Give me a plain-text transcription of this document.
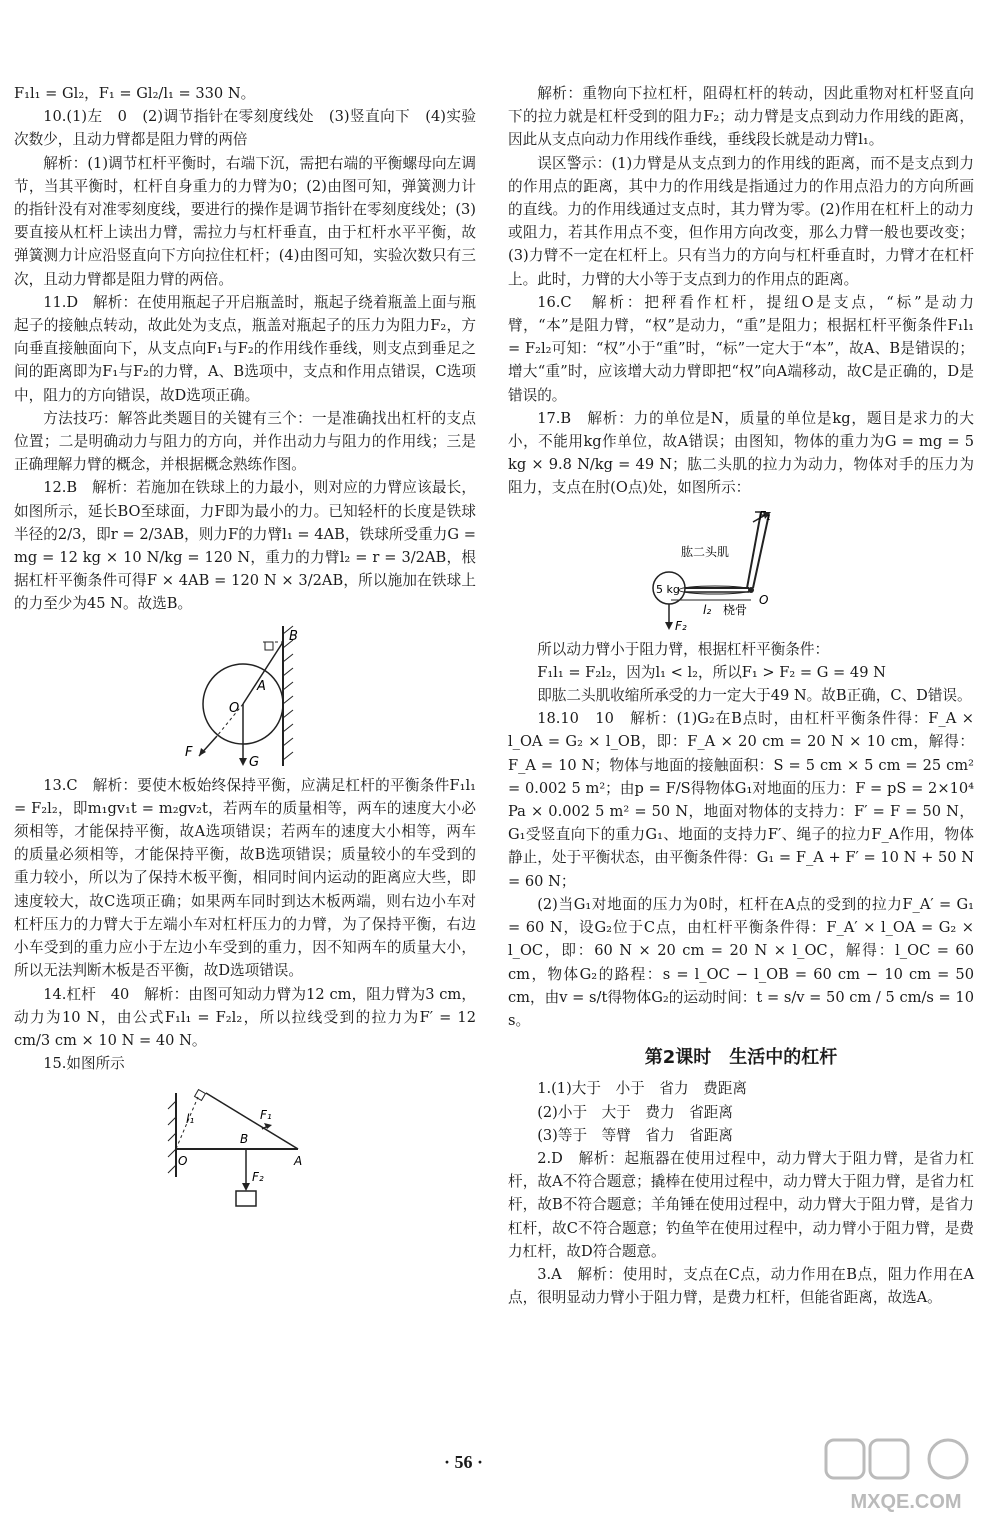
F₁l₁ = Gl₂，F₁ = Gl₂/l₁ = 330 N。

10.(1)左　0　(2)调节指针在零刻度线处　(3)竖直向下　(4)实验次数少，且动力臂都是阻力臂的两倍

解析：(1)调节杠杆平衡时，右端下沉，需把右端的平衡螺母向左调节，当其平衡时，杠杆自身重力的力臂为0；(2)由图可知，弹簧测力计的指针没有对准零刻度线，要进行的操作是调节指针在零刻度线处；(3)要直接从杠杆上读出力臂，需拉力与杠杆垂直，由于杠杆水平平衡，故弹簧测力计应沿竖直向下方向拉住杠杆；(4)由图可知，实验次数只有三次，且动力臂都是阻力臂的两倍。

11.D　解析：在使用瓶起子开启瓶盖时，瓶起子绕着瓶盖上面与瓶起子的接触点转动，故此处为支点，瓶盖对瓶起子的压力为阻力F₂，方向垂直接触面向下，从支点向F₁与F₂的作用线作垂线，则支点到垂足之间的距离即为F₁与F₂的力臂，A、B选项中，支点和作用点错误，C选项中，阻力的方向错误，故D选项正确。

方法技巧：解答此类题目的关键有三个：一是准确找出杠杆的支点位置；二是明确动力与阻力的方向，并作出动力与阻力的作用线；三是正确理解力臂的概念，并根据概念熟练作图。

12.B　解析：若施加在铁球上的力最小，则对应的力臂应该最长，如图所示，延长BO至球面，力F即为最小的力。已知轻杆的长度是铁球半径的2/3，即r = 2/3AB，则力F的力臂l₁ = 4AB，铁球所受重力G = mg = 12 kg × 10 N/kg = 120 N，重力的力臂l₂ = r = 3/2AB，根据杠杆平衡条件可得F × 4AB = 120 N × 3/2AB，所以施加在铁球上的力至少为45 N。故选B。

B
A
O
F
G

13.C　解析：要使木板始终保持平衡，应满足杠杆的平衡条件F₁l₁ = F₂l₂，即m₁gv₁t = m₂gv₂t，若两车的质量相等，两车的速度大小必须相等，才能保持平衡，故A选项错误；若两车的速度大小相等，两车的质量必须相等，才能保持平衡，故B选项错误；质量较小的车受到的重力较小，所以为了保持木板平衡，相同时间内运动的距离应大些，即速度较大，故C选项正确；如果两车同时到达木板两端，则右边小车对杠杆压力的力臂大于左端小车对杠杆压力的力臂，为了保持平衡，右边小车受到的重力应小于左边小车受到的重力，因不知两车的质量大小，所以无法判断木板是否平衡，故D选项错误。

14.杠杆　40　解析：由图可知动力臂为12 cm，阻力臂为3 cm，动力为10 N，由公式F₁l₁ = F₂l₂，所以拉线受到的拉力为F′ = 12 cm/3 cm × 10 N = 40 N。

15.如图所示

l₁	F₁
B
O	A
F₂

解析：重物向下拉杠杆，阻碍杠杆的转动，因此重物对杠杆竖直向下的拉力就是杠杆受到的阻力F₂；动力臂是支点到动力作用线的距离，因此从支点向动力作用线作垂线，垂线段长就是动力臂l₁。

误区警示：(1)力臂是从支点到力的作用线的距离，而不是支点到力的作用点的距离，其中力的作用线是指通过力的作用点沿力的方向所画的直线。力的作用线通过支点时，其力臂为零。(2)作用在杠杆上的动力或阻力，若其作用点不变，但作用方向改变，那么力臂一般也要改变；(3)力臂不一定在杠杆上。只有当力的方向与杠杆垂直时，力臂才在杠杆上。此时，力臂的大小等于支点到力的作用点的距离。

16.C　解析：把秤看作杠杆，提纽O是支点，“标”是动力臂，“本”是阻力臂，“权”是动力，“重”是阻力；根据杠杆平衡条件F₁l₁ = F₂l₂可知：“权”小于“重”时，“标”一定大于“本”，故A、B是错误的；增大“重”时，应该增大动力臂即把“权”向A端移动，故C是正确的，D是错误的。

17.B　解析：力的单位是N，质量的单位是kg，题目是求力的大小，不能用kg作单位，故A错误；由图知，物体的重力为G = mg = 5 kg × 9.8 N/kg = 49 N；肱二头肌的拉力为动力，物体对手的压力为阻力，支点在肘(O点)处，如图所示：

F₁
肱二头肌
5 kg
l₂ 桡骨
O
F₂

所以动力臂小于阻力臂，根据杠杆平衡条件：

F₁l₁ = F₂l₂，因为l₁ < l₂，所以F₁ > F₂ = G = 49 N

即肱二头肌收缩所承受的力一定大于49 N。故B正确，C、D错误。

18.10　10　解析：(1)G₂在B点时，由杠杆平衡条件得：F_A × l_OA = G₂ × l_OB，即：F_A × 20 cm = 20 N × 10 cm，解得：F_A = 10 N；物体与地面的接触面积：S = 5 cm × 5 cm = 25 cm² = 0.002 5 m²；由p = F/S得物体G₁对地面的压力：F = pS = 2×10⁴ Pa × 0.002 5 m² = 50 N，地面对物体的支持力：F′ = F = 50 N，G₁受竖直向下的重力G₁、地面的支持力F′、绳子的拉力F_A作用，物体静止，处于平衡状态，由平衡条件得：G₁ = F_A + F′ = 10 N + 50 N = 60 N；

(2)当G₁对地面的压力为0时，杠杆在A点的受到的拉力F_A′ = G₁ = 60 N，设G₂位于C点，由杠杆平衡条件得：F_A′ × l_OA = G₂ × l_OC，即：60 N × 20 cm = 20 N × l_OC，解得：l_OC = 60 cm，物体G₂的路程：s = l_OC − l_OB = 60 cm − 10 cm = 50 cm，由v = s/t得物体G₂的运动时间：t = s/v = 50 cm / 5 cm/s = 10 s。

第2课时　生活中的杠杆

1.(1)大于　小于　省力　费距离

(2)小于　大于　费力　省距离

(3)等于　等臂　省力　省距离

2.D　解析：起瓶器在使用过程中，动力臂大于阻力臂，是省力杠杆，故A不符合题意；撬棒在使用过程中，动力臂大于阻力臂，是省力杠杆，故B不符合题意；羊角锤在使用过程中，动力臂大于阻力臂，是省力杠杆，故C不符合题意；钓鱼竿在使用过程中，动力臂小于阻力臂，是费力杠杆，故D符合题意。

3.A　解析：使用时，支点在C点，动力作用在B点，阻力作用在A点，很明显动力臂小于阻力臂，是费力杠杆，但能省距离，故选A。

· 56 ·
MXQE.COM
